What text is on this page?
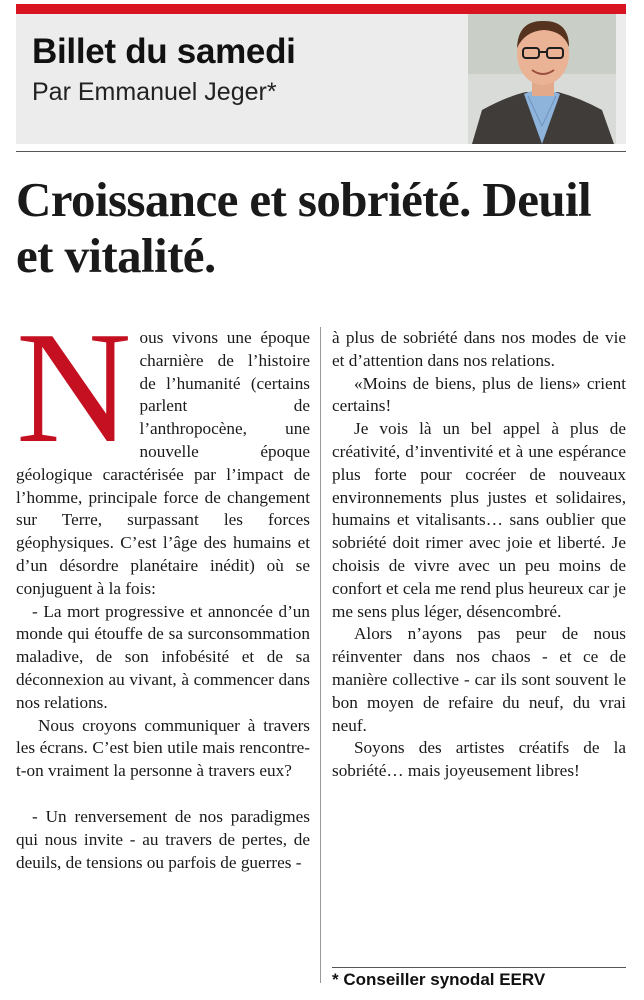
Billet du samedi

Par Emmanuel Jeger*

Croissance et sobriété. Deuil et vitalité.
N ous vivons une époque charnière de l’histoire de l’humanité (certains parlent de l’anthropocène, une nouvelle époque géologique caractérisée par l’impact de l’homme, principale force de changement sur Terre, surpassant les forces géophysiques. C’est l’âge des humains et d’un désordre planétaire inédit) où se conjuguent à la fois:

- La mort progressive et annoncée d’un monde qui étouffe de sa surconsommation maladive, de son infobésité et de sa déconnexion au vivant, à commencer dans nos relations.

Nous croyons communiquer à travers les écrans. C’est bien utile mais rencontre-t-on vraiment la personne à travers eux?

- Un renversement de nos paradigmes qui nous invite - au travers de pertes, de deuils, de tensions ou parfois de guerres -

à plus de sobriété dans nos modes de vie et d’attention dans nos relations.

«Moins de biens, plus de liens» crient certains!

Je vois là un bel appel à plus de créativité, d’inventivité et à une espérance plus forte pour cocréer de nouveaux environnements plus justes et solidaires, humains et vitalisants… sans oublier que sobriété doit rimer avec joie et liberté. Je choisis de vivre avec un peu moins de confort et cela me rend plus heureux car je me sens plus léger, désencombré.

Alors n’ayons pas peur de nous réinventer dans nos chaos - et ce de manière collective - car ils sont souvent le bon moyen de refaire du neuf, du vrai neuf.

Soyons des artistes créatifs de la sobriété… mais joyeusement libres!

* Conseiller synodal EERV
